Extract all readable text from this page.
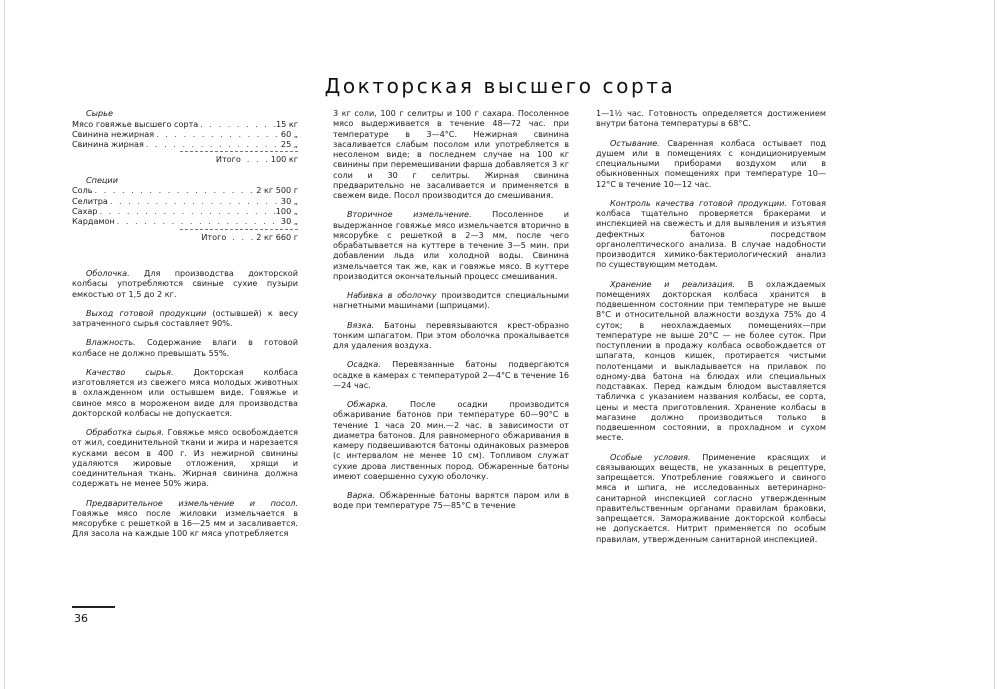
Докторская высшего сорта
Сырье
Мясо говяжье высшего сорта . . .	15 кг
Свинина нежирная . . .	60 „
Свинина жирная . . .	25 „
Итого . . .	100 кг
Специи
Соль . . .	2 кг 500 г
Селитра . . .	30 „
Сахар . . .	100 „
Кардамон . . .	30 „
Итого . . .	2 кг 660 г

Оболочка. Для производства докторской колбасы употребляются свиные сухие пузыри емкостью от 1,5 до 2 кг.

Выход готовой продукции (остывшей) к весу затраченного сырья составляет 90%.

Влажность. Содержание влаги в готовой колбасе не должно превышать 55%.

Качество сырья. Докторская колбаса изготовляется из свежего мяса молодых животных в охлажденном или остывшем виде. Говяжье и свиное мясо в мороженом виде для производства докторской колбасы не допускается.

Обработка сырья. Говяжье мясо освобождается от жил, соединительной ткани и жира и нарезается кусками весом в 400 г. Из нежирной свинины удаляются жировые отложения, хрящи и соединительная ткань. Жирная свинина должна содержать не менее 50% жира.

Предварительное измельчение и посол. Говяжье мясо после жиловки измельчается в мясорубке с решеткой в 16—25 мм и засаливается. Для засола на каждые 100 кг мяса употребляется

3 кг соли, 100 г селитры и 100 г сахара. Посоленное мясо выдерживается в течение 48—72 час. при температуре в 3—4°С. Нежирная свинина засаливается слабым посолом или употребляется в несоленом виде; в последнем случае на 100 кг свинины при перемешивании фарша добавляется 3 кг соли и 30 г селитры. Жирная свинина предварительно не засаливается и применяется в свежем виде. Посол производится до смешивания.

Вторичное измельчение.	Посоленное и выдержанное говяжье мясо измельчается вторично в мясорубке с решеткой в 2—3 мм, после чего обрабатывается на куттере в течение 3—5 мин. при добавлении льда или холодной воды. Свинина измельчается так же, как и говяжье мясо. В куттере производится окончательный процесс смешивания.

Набивка в оболочку производится специальными нагнетными машинами (шприцами).

Вязка. Батоны перевязываются крест-образно тонким шпагатом. При этом оболочка прокалывается для удаления воздуха.

Осадка. Перевязанные батоны подвергаются осадке в камерах с температурой 2—4°С в течение 16—24 час.

Обжарка.	После осадки производится обжаривание батонов при температуре 60—90°С в течение 1 часа 20 мин.—2 час. в зависимости от диаметра батонов. Для равномерного обжаривания в камеру подвешиваются батоны одинаковых размеров (с интервалом не менее 10 см). Топливом служат сухие дрова лиственных пород. Обжаренные батоны имеют совершенно сухую оболочку.

Варка. Обжаренные батоны варятся паром или в воде при температуре 75—85°С в течение

1—1½ час. Готовность определяется достижением внутри батона температуры в 68°С.

Остывание. Сваренная колбаса остывает под душем или в помещениях с кондиционируемым специальными приборами воздухом или в обыкновенных помещениях при температуре 10—12°С в течение 10—12 час.

Контроль качества готовой продукции. Готовая колбаса тщательно проверяется бракерами и инспекцией на свежесть и для выявления и изъятия дефектных батонов посредством органолептического анализа. В случае надобности производится химико-бактериологический анализ по существующим методам.

Хранение и реализация. В охлаждаемых помещениях докторская колбаса хранится в подвешенном состоянии при температуре не выше 8°С и относительной влажности воздуха 75% до 4 суток; в неохлаждаемых помещениях—при температуре не выше 20°С — не более суток. При поступлении в продажу колбаса освобождается от шпагата, концов кишек, протирается чистыми полотенцами и выкладывается на прилавок по одному-два батона на блюдах или специальных подставках. Перед каждым блюдом выставляется табличка с указанием названия колбасы, ее сорта, цены и места приготовления. Хранение колбасы в магазине должно производиться только в подвешенном состоянии, в прохладном и сухом месте.

Особые условия. Применение красящих и связывающих веществ, не указанных в рецептуре, запрещается. Употребление говяжьего и свиного мяса и шпига, не исследованных ветеринарно-санитарной инспекцией согласно утвержденным правительственным органами правилам браковки, запрещается. Замораживание докторской колбасы не допускается. Нитрит применяется по особым правилам, утвержденным санитарной инспекцией.

36
